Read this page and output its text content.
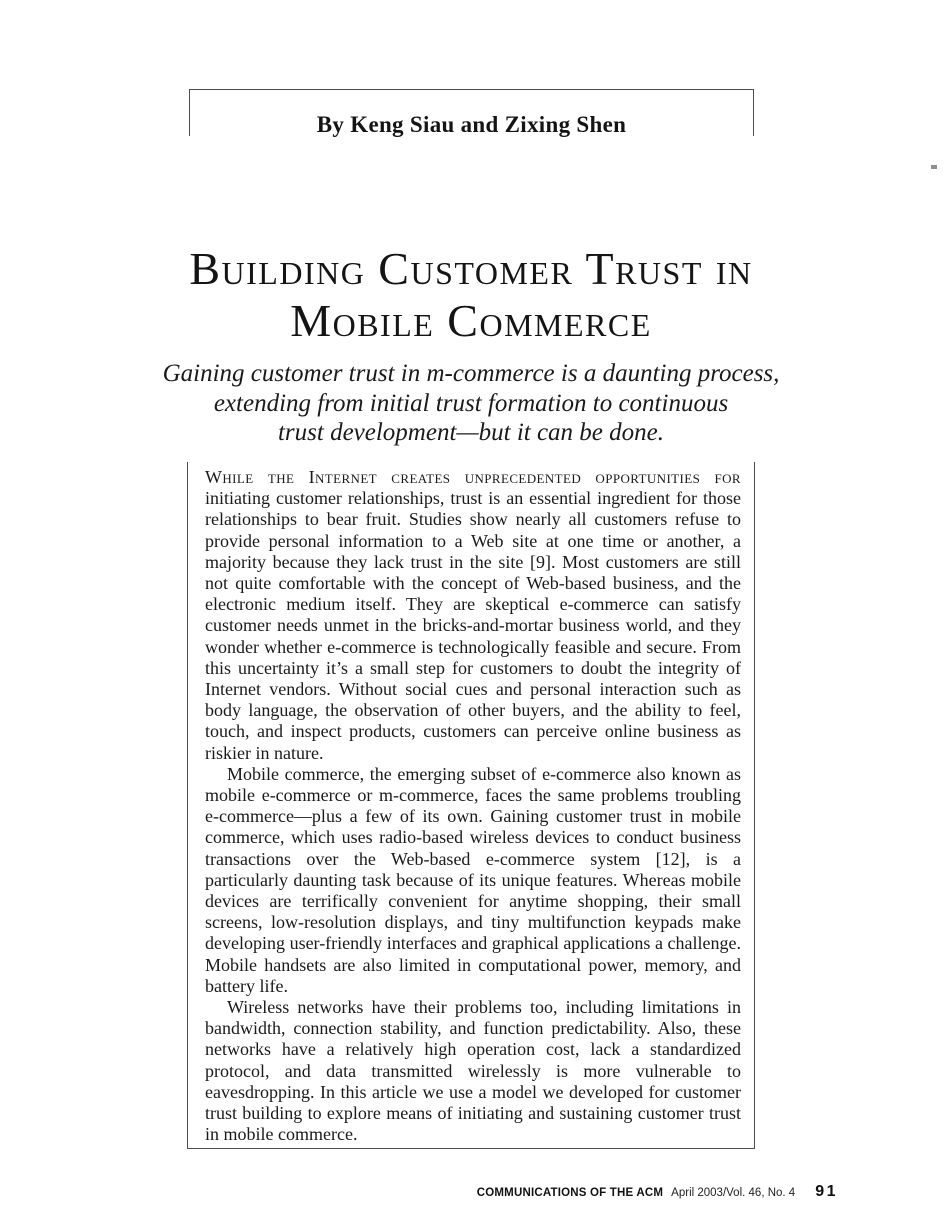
By Keng Siau and Zixing Shen
Building Customer Trust in
Mobile Commerce
Gaining customer trust in m-commerce is a daunting process,
extending from initial trust formation to continuous
trust development—but it can be done.

While the Internet creates unprecedented opportunities for initiating customer relationships, trust is an essential ingredient for those relationships to bear fruit. Studies show nearly all customers refuse to provide personal information to a Web site at one time or another, a majority because they lack trust in the site [9]. Most customers are still not quite comfortable with the concept of Web-based business, and the electronic medium itself. They are skeptical e-commerce can satisfy customer needs unmet in the bricks-and-mortar business world, and they wonder whether e-commerce is technologically feasible and secure. From this uncertainty it’s a small step for customers to doubt the integrity of Internet vendors. Without social cues and personal interaction such as body language, the observation of other buyers, and the ability to feel, touch, and inspect products, customers can perceive online business as riskier in nature.

Mobile commerce, the emerging subset of e-commerce also known as mobile e-commerce or m-commerce, faces the same problems troubling e-commerce—plus a few of its own. Gaining customer trust in mobile commerce, which uses radio-based wireless devices to conduct business transactions over the Web-based e-commerce system [12], is a particularly daunting task because of its unique features. Whereas mobile devices are terrifically convenient for anytime shopping, their small screens, low-resolution displays, and tiny multifunction keypads make developing user-friendly interfaces and graphical applications a challenge. Mobile handsets are also limited in computational power, memory, and battery life.

Wireless networks have their problems too, including limitations in bandwidth, connection stability, and function predictability. Also, these networks have a relatively high operation cost, lack a standardized protocol, and data transmitted wirelessly is more vulnerable to eavesdropping. In this article we use a model we developed for customer trust building to explore means of initiating and sustaining customer trust in mobile commerce.

COMMUNICATIONS OF THE ACM April 2003/Vol. 46, No. 4 91
